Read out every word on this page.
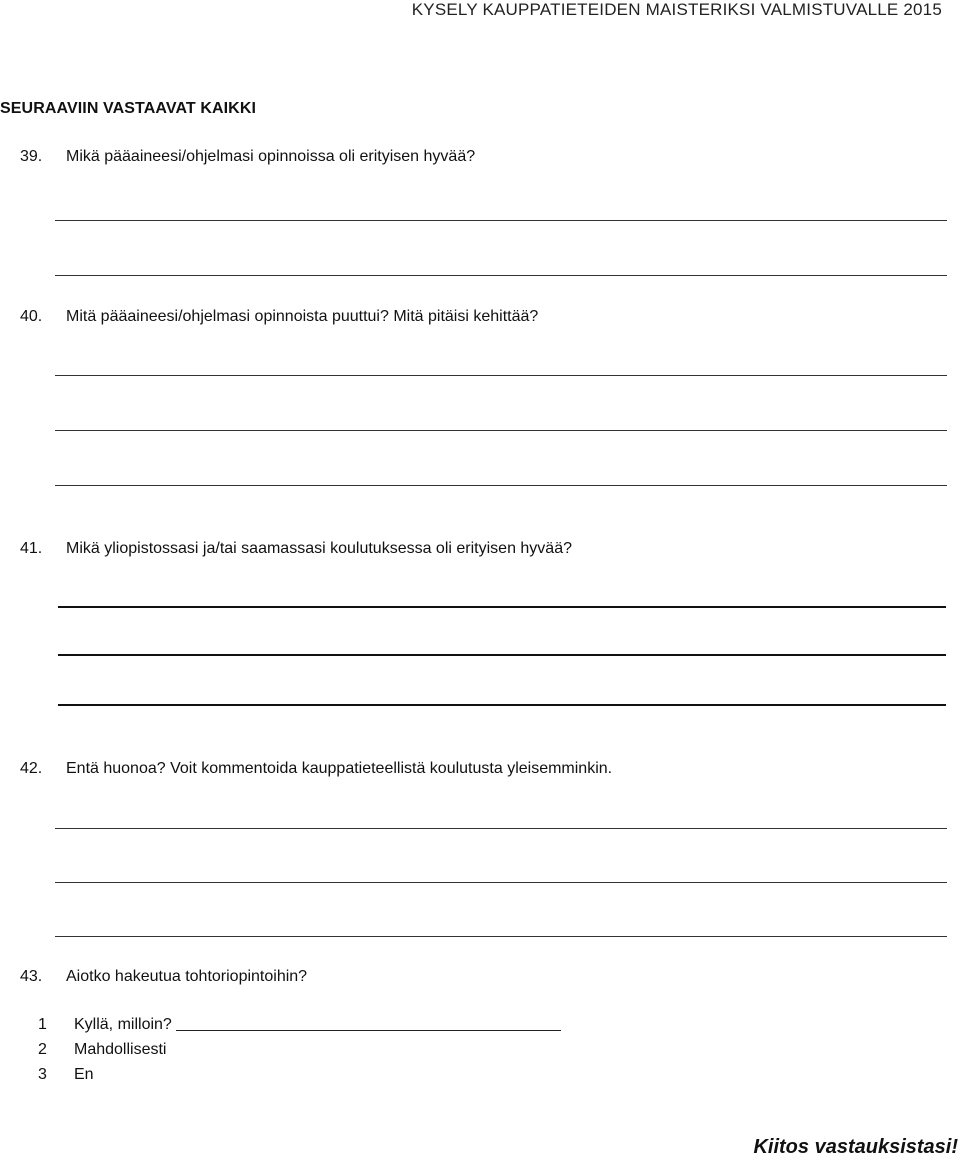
KYSELY KAUPPATIETEIDEN MAISTERIKSI VALMISTUVALLE 2015
SEURAAVIIN VASTAAVAT KAIKKI
39. Mikä pääaineesi/ohjelmasi opinnoissa oli erityisen hyvää?
40. Mitä pääaineesi/ohjelmasi opinnoista puuttui? Mitä pitäisi kehittää?
41. Mikä yliopistossasi ja/tai saamassasi koulutuksessa oli erityisen hyvää?
42. Entä huonoa? Voit kommentoida kauppatieteellistä koulutusta yleisemminkin.
43. Aiotko hakeutua tohtoriopintoihin?
1 Kyllä, milloin?
2 Mahdollisesti
3 En
Kiitos vastauksistasi!
